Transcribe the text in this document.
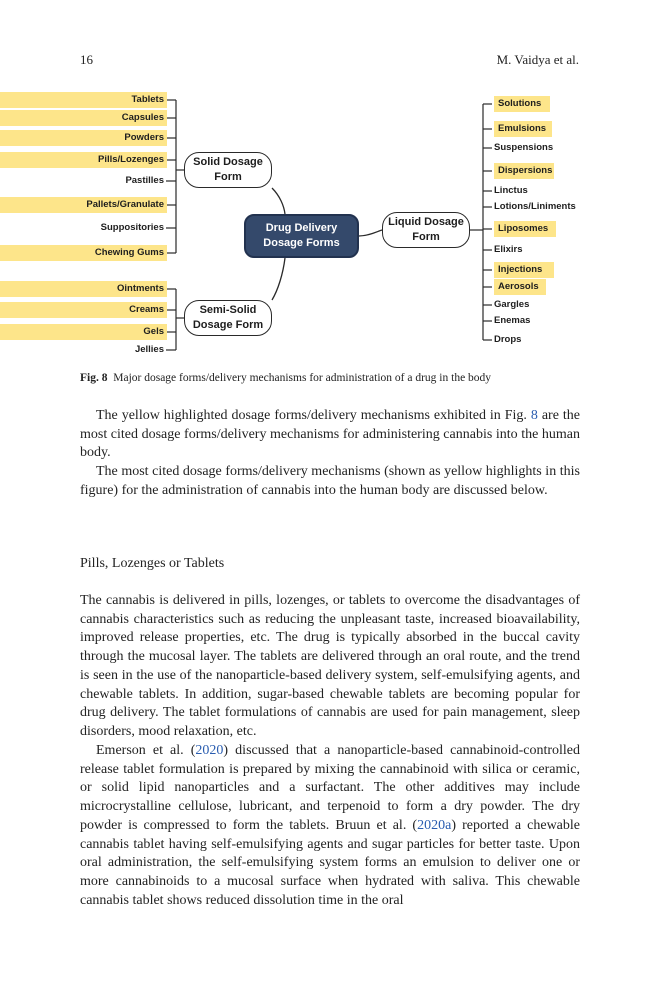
16	M. Vaidya et al.
Solid Dosage
Form
Liquid Dosage
Form
Semi-Solid
Dosage Form
Drug Delivery
Dosage Forms
Tablets
Capsules
Powders
Pills/Lozenges
Pastilles
Pallets/Granulate
Suppositories
Chewing Gums
Ointments
Creams
Gels
Jellies
Solutions
Emulsions
Suspensions
Dispersions
Linctus
Lotions/Liniments
Liposomes
Elixirs
Injections
Aerosols
Gargles
Enemas
Drops
Fig. 8 Major dosage forms/delivery mechanisms for administration of a drug in the body
The yellow highlighted dosage forms/delivery mechanisms exhibited in Fig. 8 are the most cited dosage forms/delivery mechanisms for administering cannabis into the human body.
The most cited dosage forms/delivery mechanisms (shown as yellow highlights in this figure) for the administration of cannabis into the human body are discussed below.
Pills, Lozenges or Tablets
The cannabis is delivered in pills, lozenges, or tablets to overcome the disadvantages of cannabis characteristics such as reducing the unpleasant taste, increased bioavailability, improved release properties, etc. The drug is typically absorbed in the buccal cavity through the mucosal layer. The tablets are delivered through an oral route, and the trend is seen in the use of the nanoparticle-based delivery system, self-emulsifying agents, and chewable tablets. In addition, sugar-based chewable tablets are becoming popular for drug delivery. The tablet formulations of cannabis are used for pain management, sleep disorders, mood relaxation, etc.
Emerson et al. (2020) discussed that a nanoparticle-based cannabinoid-controlled release tablet formulation is prepared by mixing the cannabinoid with silica or ceramic, or solid lipid nanoparticles and a surfactant. The other additives may include microcrystalline cellulose, lubricant, and terpenoid to form a dry powder. The dry powder is compressed to form the tablets. Bruun et al. (2020a) reported a chewable cannabis tablet having self-emulsifying agents and sugar particles for better taste. Upon oral administration, the self-emulsifying system forms an emulsion to deliver one or more cannabinoids to a mucosal surface when hydrated with saliva. This chewable cannabis tablet shows reduced dissolution time in the oral
